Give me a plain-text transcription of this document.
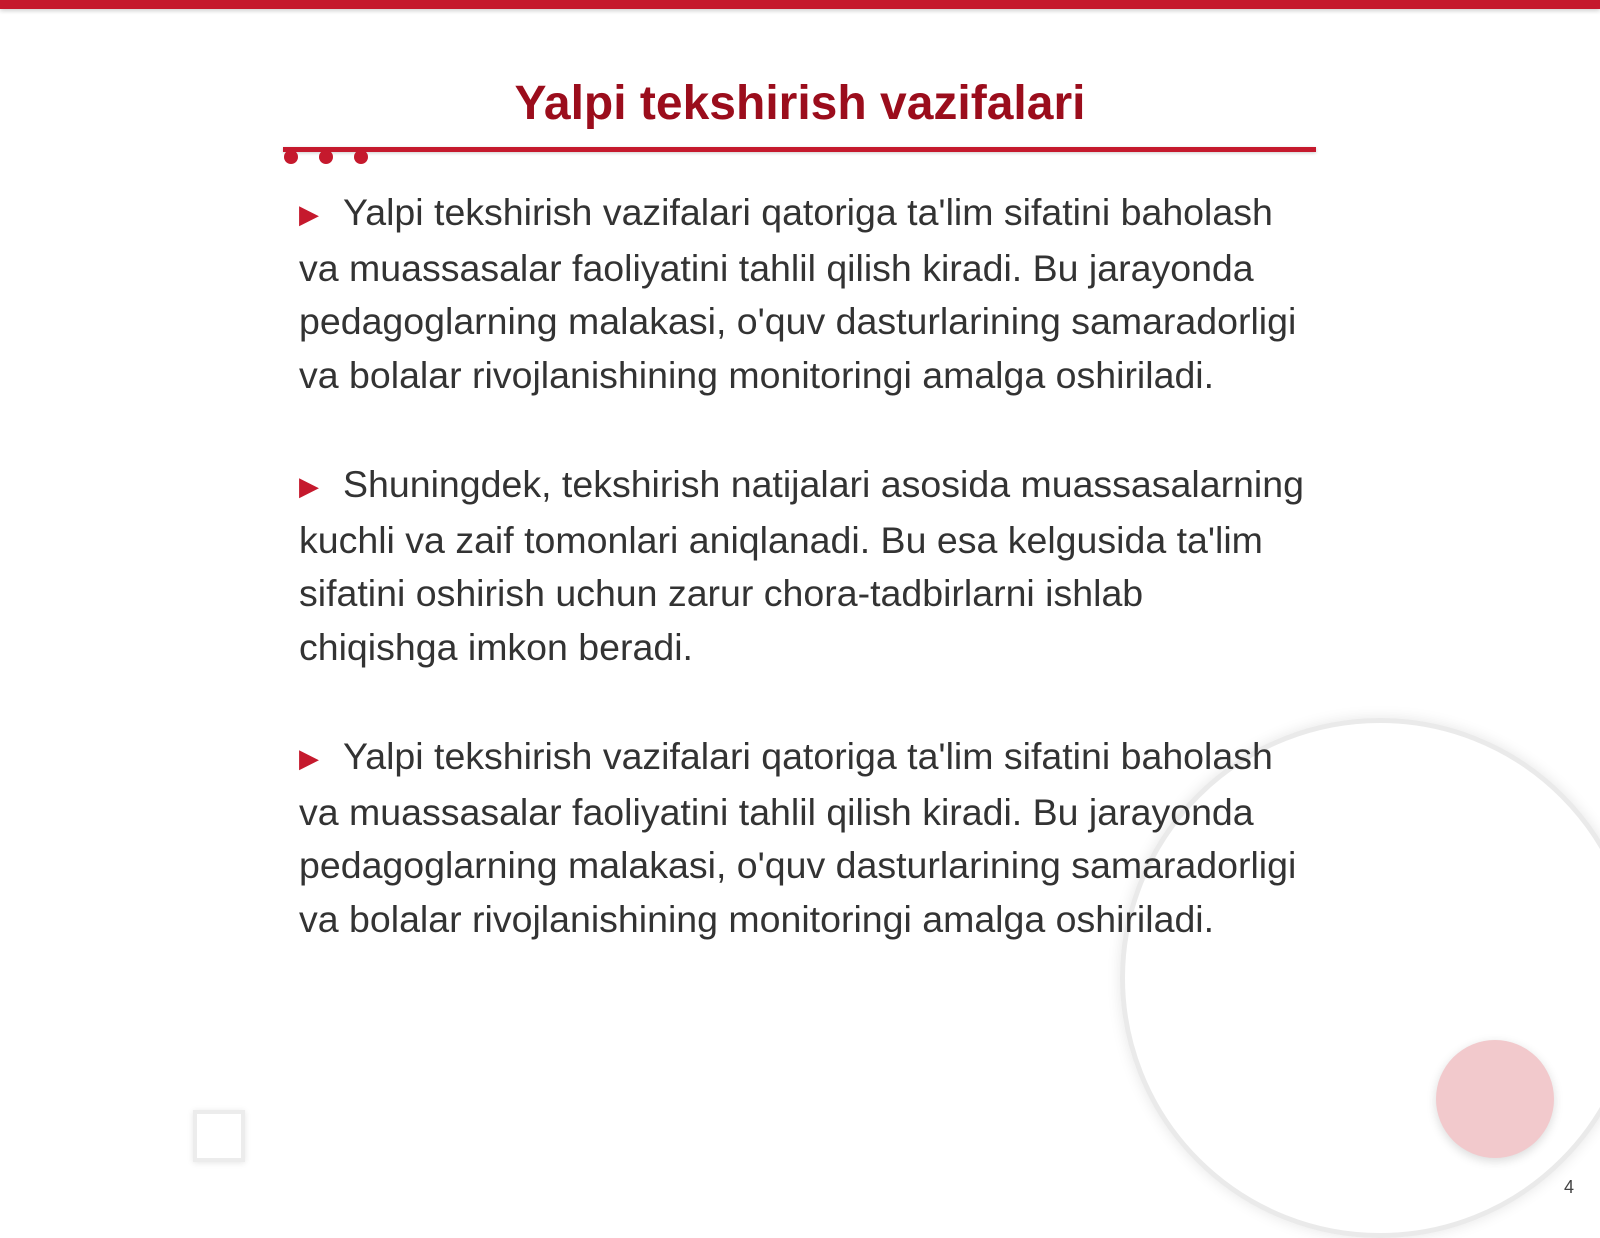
Yalpi tekshirish vazifalari

▶ Yalpi tekshirish vazifalari qatoriga ta'lim sifatini baholash va muassasalar faoliyatini tahlil qilish kiradi. Bu jarayonda pedagoglarning malakasi, o'quv dasturlarining samaradorligi va bolalar rivojlanishining monitoringi amalga oshiriladi.

▶ Shuningdek, tekshirish natijalari asosida muassasalarning kuchli va zaif tomonlari aniqlanadi. Bu esa kelgusida ta'lim sifatini oshirish uchun zarur chora-tadbirlarni ishlab chiqishga imkon beradi.

▶ Yalpi tekshirish vazifalari qatoriga ta'lim sifatini baholash va muassasalar faoliyatini tahlil qilish kiradi. Bu jarayonda pedagoglarning malakasi, o'quv dasturlarining samaradorligi va bolalar rivojlanishining monitoringi amalga oshiriladi.

4
